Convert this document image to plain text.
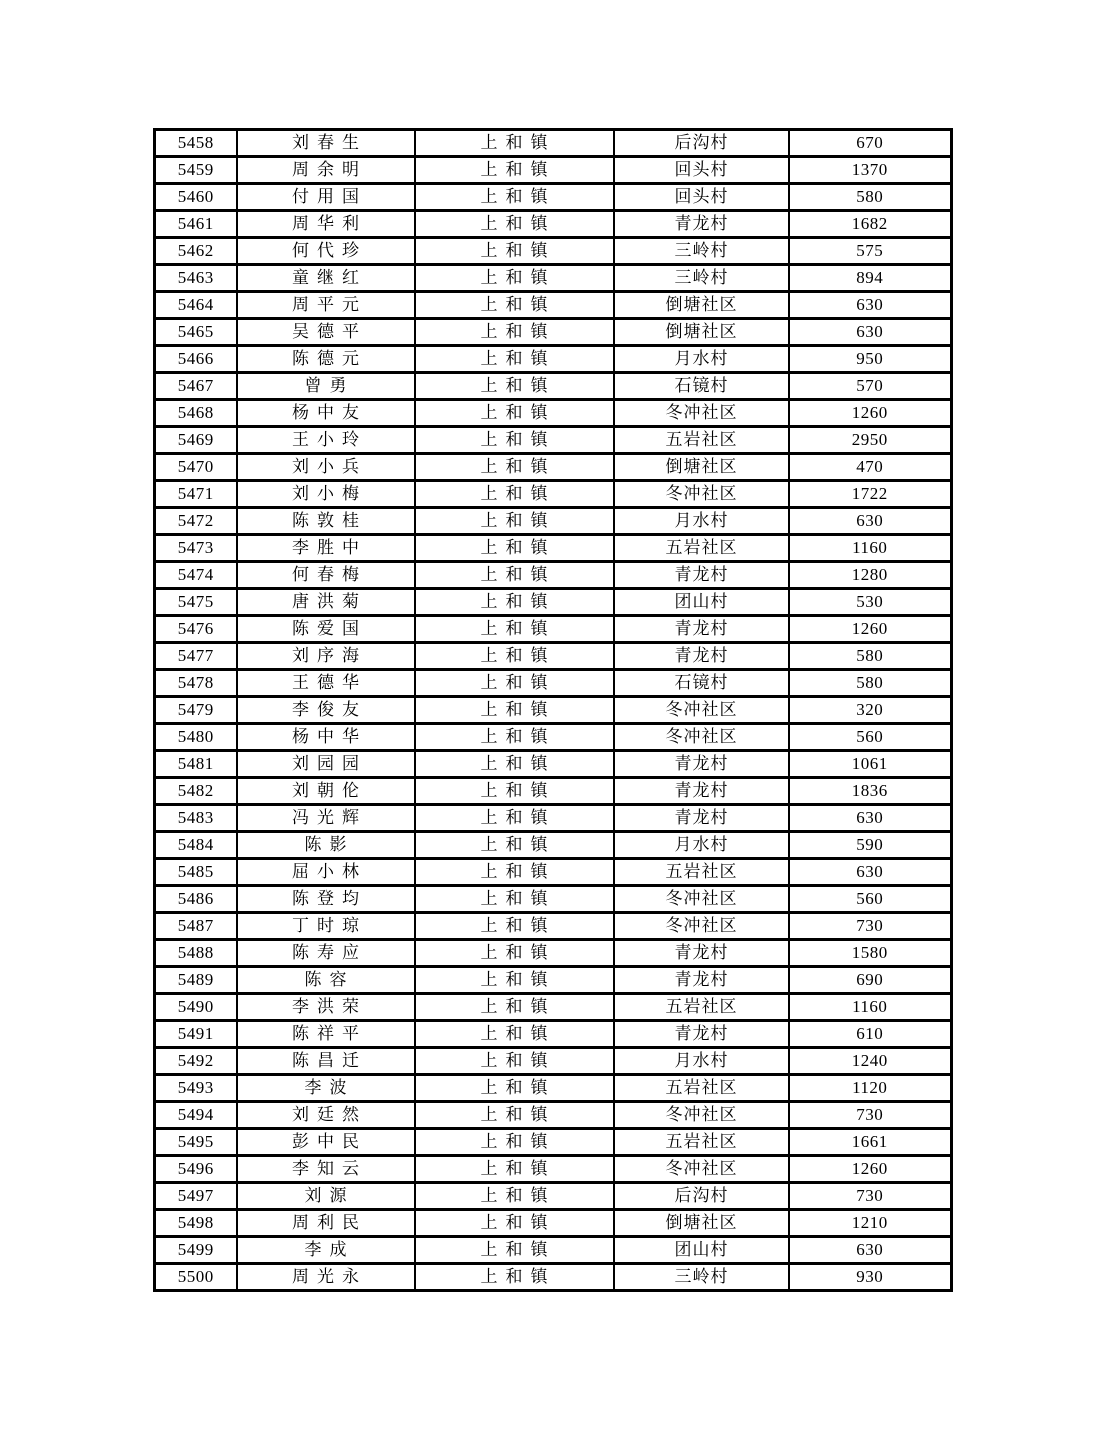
5458	刘春生	上和镇	后沟村	670
5459	周余明	上和镇	回头村	1370
5460	付用国	上和镇	回头村	580
5461	周华利	上和镇	青龙村	1682
5462	何代珍	上和镇	三岭村	575
5463	童继红	上和镇	三岭村	894
5464	周平元	上和镇	倒塘社区	630
5465	吴德平	上和镇	倒塘社区	630
5466	陈德元	上和镇	月水村	950
5467	曾勇	上和镇	石镜村	570
5468	杨中友	上和镇	冬冲社区	1260
5469	王小玲	上和镇	五岩社区	2950
5470	刘小兵	上和镇	倒塘社区	470
5471	刘小梅	上和镇	冬冲社区	1722
5472	陈敦桂	上和镇	月水村	630
5473	李胜中	上和镇	五岩社区	1160
5474	何春梅	上和镇	青龙村	1280
5475	唐洪菊	上和镇	团山村	530
5476	陈爱国	上和镇	青龙村	1260
5477	刘序海	上和镇	青龙村	580
5478	王德华	上和镇	石镜村	580
5479	李俊友	上和镇	冬冲社区	320
5480	杨中华	上和镇	冬冲社区	560
5481	刘园园	上和镇	青龙村	1061
5482	刘朝伦	上和镇	青龙村	1836
5483	冯光辉	上和镇	青龙村	630
5484	陈影	上和镇	月水村	590
5485	屈小林	上和镇	五岩社区	630
5486	陈登均	上和镇	冬冲社区	560
5487	丁时琼	上和镇	冬冲社区	730
5488	陈寿应	上和镇	青龙村	1580
5489	陈容	上和镇	青龙村	690
5490	李洪荣	上和镇	五岩社区	1160
5491	陈祥平	上和镇	青龙村	610
5492	陈昌迁	上和镇	月水村	1240
5493	李波	上和镇	五岩社区	1120
5494	刘廷然	上和镇	冬冲社区	730
5495	彭中民	上和镇	五岩社区	1661
5496	李知云	上和镇	冬冲社区	1260
5497	刘源	上和镇	后沟村	730
5498	周利民	上和镇	倒塘社区	1210
5499	李成	上和镇	团山村	630
5500	周光永	上和镇	三岭村	930
